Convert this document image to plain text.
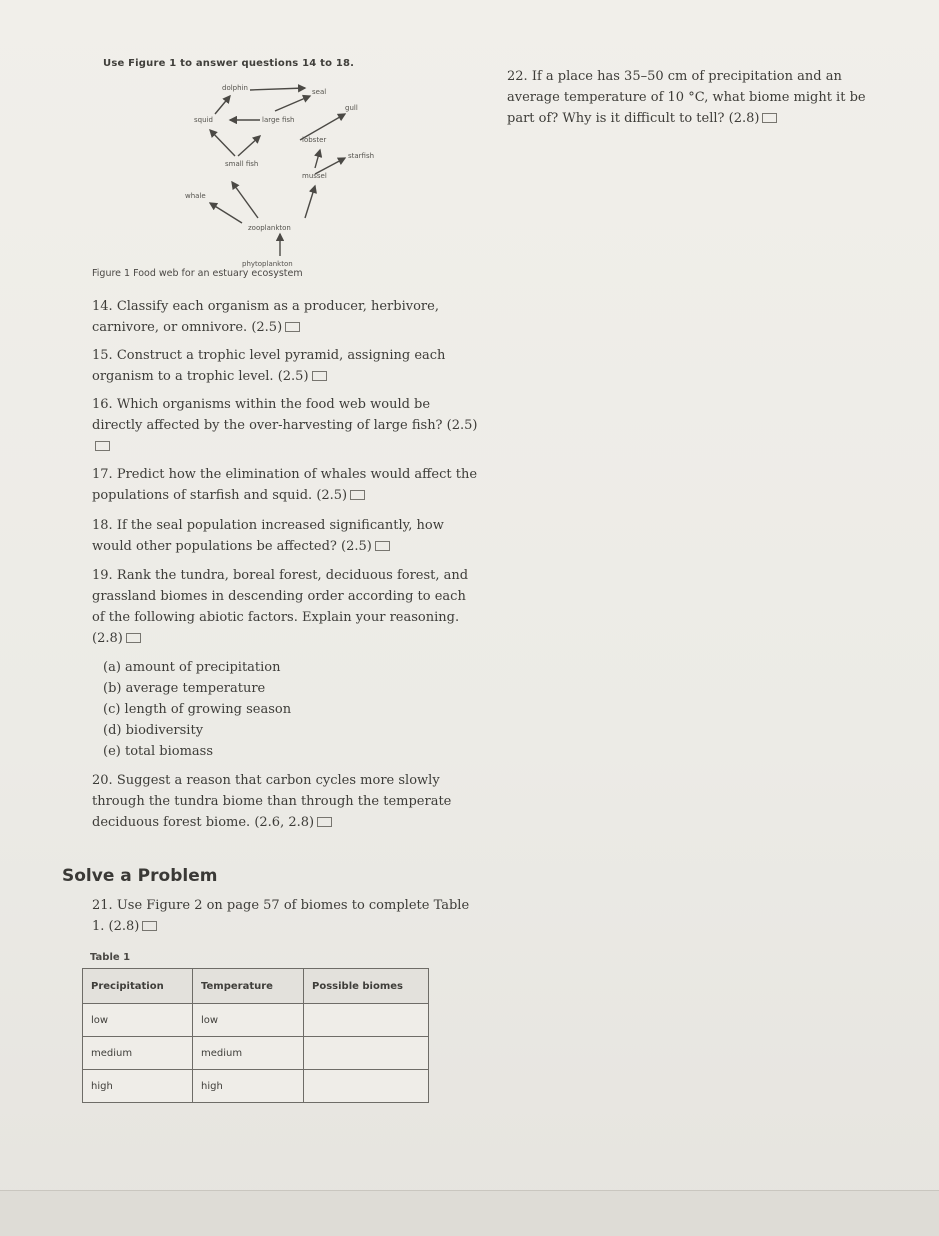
Use Figure 1 to answer questions 14 to 18.
dolphin	seal
squid	large fish
gull
lobster
starfish
small fish
mussel
whale
zooplankton
phytoplankton
Figure 1 Food web for an estuary ecosystem
14. Classify each organism as a producer, herbivore, carnivore, or omnivore. (2.5)
15. Construct a trophic level pyramid, assigning each organism to a trophic level. (2.5)
16. Which organisms within the food web would be directly affected by the over-harvesting of large fish? (2.5)
17. Predict how the elimination of whales would affect the populations of starfish and squid. (2.5)
18. If the seal population increased significantly, how would other populations be affected? (2.5)
19. Rank the tundra, boreal forest, deciduous forest, and grassland biomes in descending order according to each of the following abiotic factors. Explain your reasoning. (2.8)
(a) amount of precipitation
(b) average temperature
(c) length of growing season
(d) biodiversity
(e) total biomass
20. Suggest a reason that carbon cycles more slowly through the tundra biome than through the temperate deciduous forest biome. (2.6, 2.8)
Solve a Problem
21. Use Figure 2 on page 57 of biomes to complete Table 1. (2.8)
Table 1
Precipitation	Temperature	Possible biomes
low	low	
medium	medium	
high	high	
22. If a place has 35–50 cm of precipitation and an average temperature of 10 °C, what biome might it be part of? Why is it difficult to tell? (2.8)
